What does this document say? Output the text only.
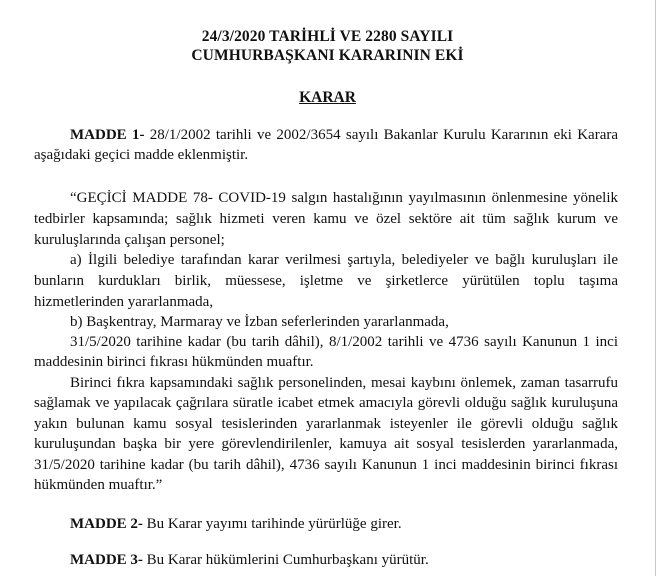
24/3/2020 TARİHLİ VE 2280 SAYILI
CUMHURBAŞKANI KARARININ EKİ
KARAR
MADDE 1- 28/1/2002 tarihli ve 2002/3654 sayılı Bakanlar Kurulu Kararının eki Karara
aşağıdaki geçici madde eklenmiştir.
“GEÇİCİ MADDE 78- COVID-19 salgın hastalığının yayılmasının önlenmesine yönelik
tedbirler kapsamında; sağlık hizmeti veren kamu ve özel sektöre ait tüm sağlık kurum ve
kuruluşlarında çalışan personel;
a) İlgili belediye tarafından karar verilmesi şartıyla, belediyeler ve bağlı kuruluşları ile
bunların kurdukları birlik, müessese, işletme ve şirketlerce yürütülen toplu taşıma
hizmetlerinden yararlanmada,
b) Başkentray, Marmaray ve İzban seferlerinden yararlanmada,
31/5/2020 tarihine kadar (bu tarih dâhil), 8/1/2002 tarihli ve 4736 sayılı Kanunun 1 inci
maddesinin birinci fıkrası hükmünden muaftır.
Birinci fıkra kapsamındaki sağlık personelinden, mesai kaybını önlemek, zaman tasarrufu
sağlamak ve yapılacak çağrılara süratle icabet etmek amacıyla görevli olduğu sağlık kuruluşuna
yakın bulunan kamu sosyal tesislerinden yararlanmak isteyenler ile görevli olduğu sağlık
kuruluşundan başka bir yere görevlendirilenler, kamuya ait sosyal tesislerden yararlanmada,
31/5/2020 tarihine kadar (bu tarih dâhil), 4736 sayılı Kanunun 1 inci maddesinin birinci fıkrası
hükmünden muaftır.”
MADDE 2- Bu Karar yayımı tarihinde yürürlüğe girer.
MADDE 3- Bu Karar hükümlerini Cumhurbaşkanı yürütür.
